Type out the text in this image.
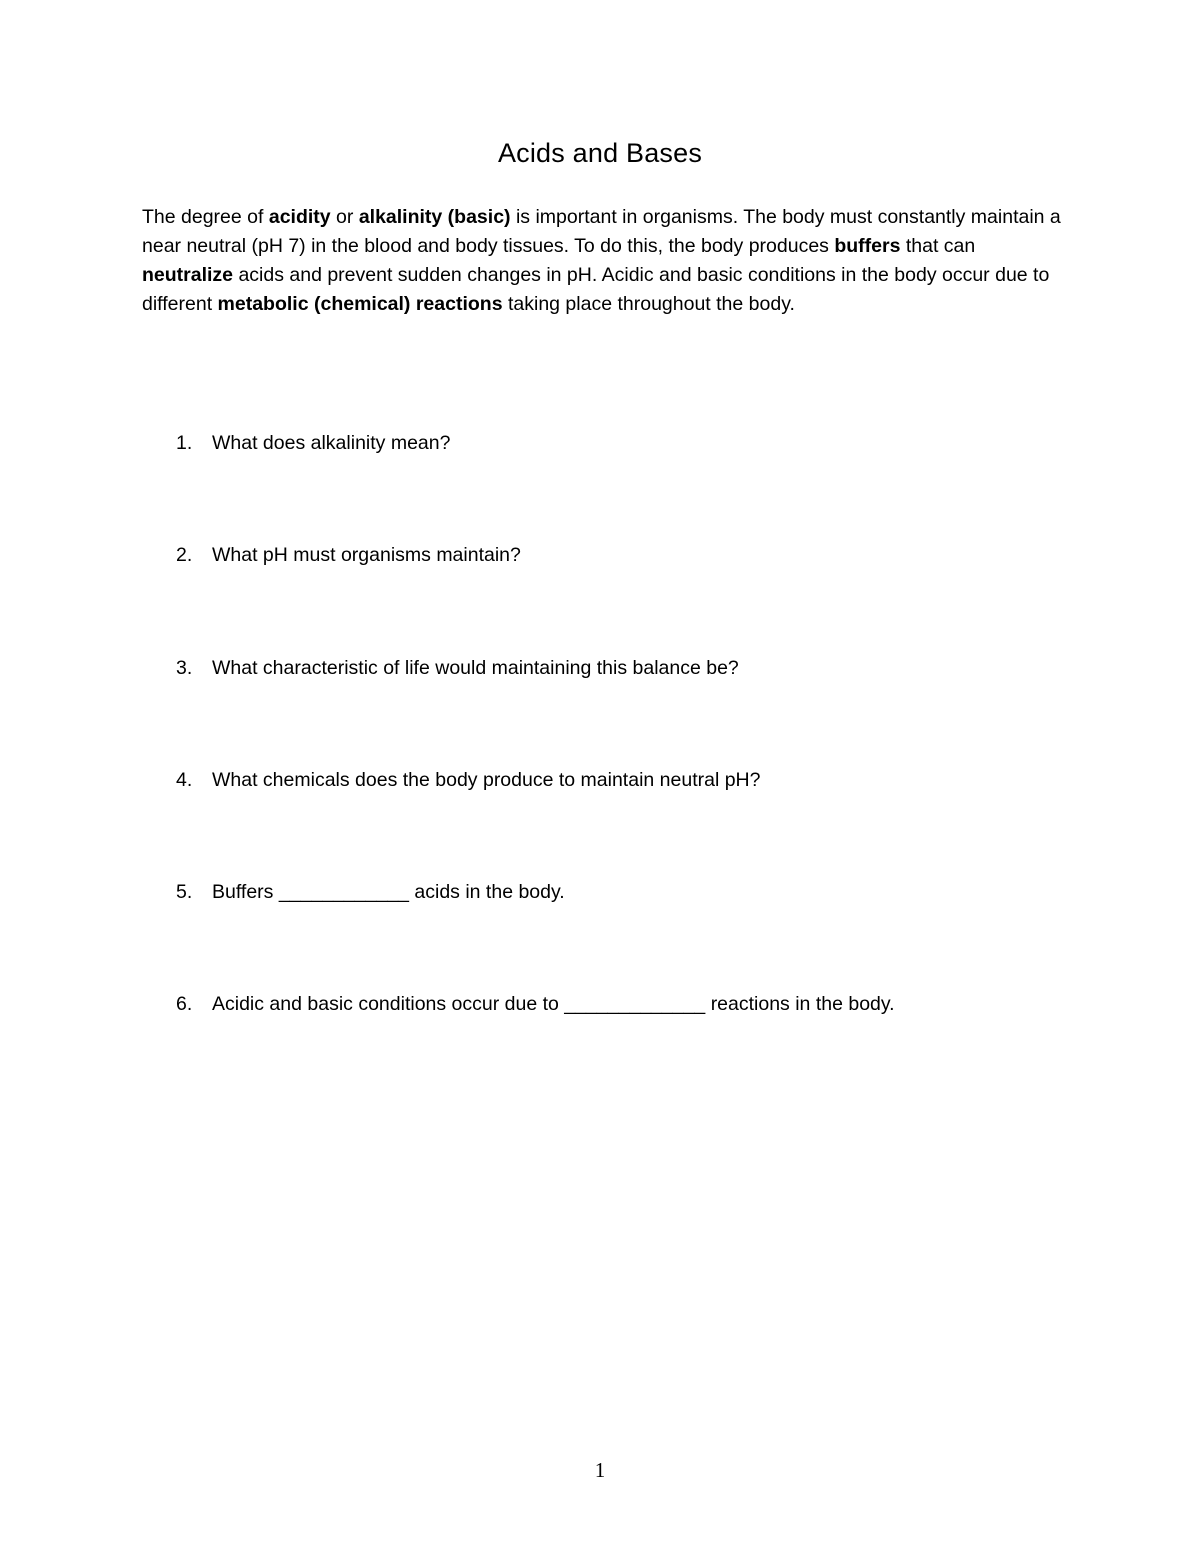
Acids and Bases

The degree of acidity or alkalinity (basic) is important in organisms. The body must constantly maintain a near neutral (pH 7) in the blood and body tissues. To do this, the body produces buffers that can neutralize acids and prevent sudden changes in pH. Acidic and basic conditions in the body occur due to different metabolic (chemical) reactions taking place throughout the body.

1. What does alkalinity mean?
2. What pH must organisms maintain?
3. What characteristic of life would maintaining this balance be?
4. What chemicals does the body produce to maintain neutral pH?
5. Buffers ____________ acids in the body.
6. Acidic and basic conditions occur due to _____________ reactions in the body.

1
